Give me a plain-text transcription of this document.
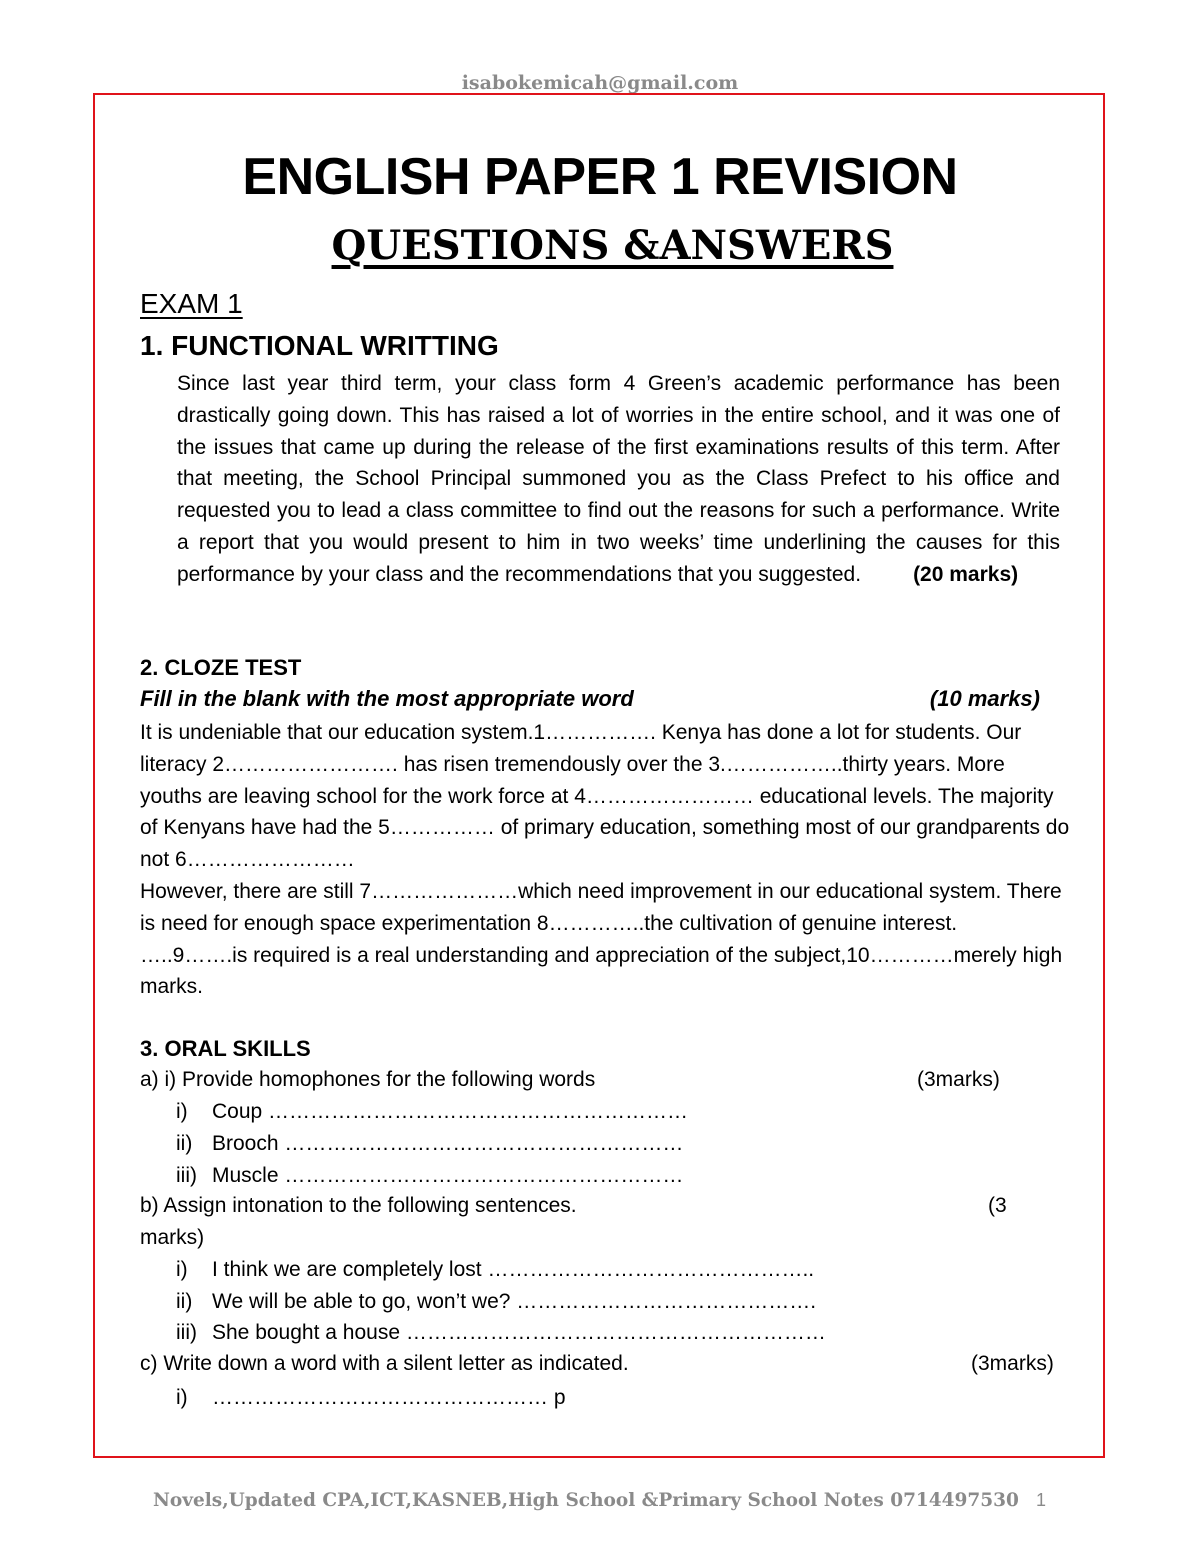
isabokemicah@gmail.com
ENGLISH PAPER 1 REVISION
QUESTIONS &ANSWERS
EXAM 1
1. FUNCTIONAL WRITTING

Since last year third term, your class form 4 Green’s academic performance has been drastically going down. This has raised a lot of worries in the entire school, and it was one of the issues that came up during the release of the first examinations results of this term. After that meeting, the School Principal summoned you as the Class Prefect to his office and requested you to lead a class committee to find out the reasons for such a performance. Write a report that you would present to him in two weeks’ time underlining the causes for this performance by your class and the recommendations that you suggested. (20 marks)

2. CLOZE TEST
Fill in the blank with the most appropriate word	(10 marks)
It is undeniable that our education system.1……………. Kenya has done a lot for students. Our literacy 2……………………. has risen tremendously over the 3.……………..thirty years. More youths are leaving school for the work force at 4…………………… educational levels. The majority of Kenyans have had the 5…………… of primary education, something most of our grandparents do not 6……………………
However, there are still 7…………………which need improvement in our educational system. There is need for enough space experimentation 8…………..the cultivation of genuine interest. …..9…….is required is a real understanding and appreciation of the subject,10…………merely high marks.
3. ORAL SKILLS
a) i) Provide homophones for the following words	(3marks)
i) Coup ……………………………………………………
ii) Brooch …………………………………………………
iii) Muscle …………………………………………………
b) Assign intonation to the following sentences.	(3
marks)
i) I think we are completely lost ………………………………………..
ii) We will be able to go, won’t we? …………………………………….
iii) She bought a house ……………………………………………………
c) Write down a word with a silent letter as indicated.	(3marks)
i) ………………………………………… p
Novels,Updated CPA,ICT,KASNEB,High School &Primary School Notes 0714497530 1
